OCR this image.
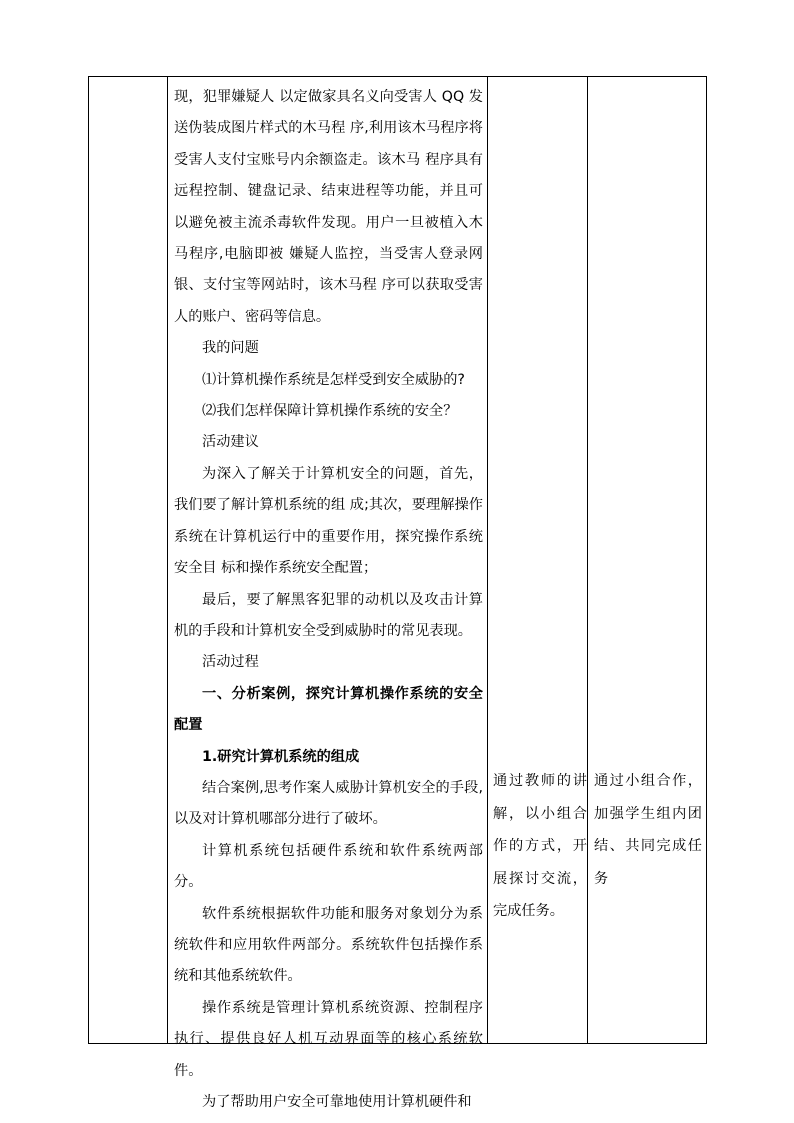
现，犯罪嫌疑人 以定做家具名义向受害人 QQ 发送伪装成图片样式的木马程 序,利用该木马程序将受害人支付宝账号内余额盗走。该木马 程序具有远程控制、键盘记录、结束进程等功能，并且可以避免被主流杀毒软件发现。用户一旦被植入木马程序,电脑即被 嫌疑人监控，当受害人登录网银、支付宝等网站时，该木马程 序可以获取受害人的账户、密码等信息。

我的问题

⑴计算机操作系统是怎样受到安全威胁的?

⑵我们怎样保障计算机操作系统的安全？

活动建议

为深入了解关于计算机安全的问题，首先，我们要了解计算机系统的组 成;其次，要理解操作系统在计算机运行中的重要作用，探究操作系统安全目 标和操作系统安全配置；

最后，要了解黑客犯罪的动机以及攻击计算机的手段和计算机安全受到威胁时的常见表现。

活动过程

一、分析案例，探究计算机操作系统的安全配置

1.研究计算机系统的组成

结合案例,思考作案人威胁计算机安全的手段,以及对计算机哪部分进行了破坏。

计算机系统包括硬件系统和软件系统两部分。

软件系统根据软件功能和服务对象划分为系统软件和应用软件两部分。系统软件包括操作系统和其他系统软件。

操作系统是管理计算机系统资源、控制程序执行、提供良好人机互动界面等的核心系统软件。

为了帮助用户安全可靠地使用计算机硬件和

通过教师的讲解，以小组合作的方式，开展探讨交流，完成任务。

通过小组合作，加强学生组内团结、共同完成任务
